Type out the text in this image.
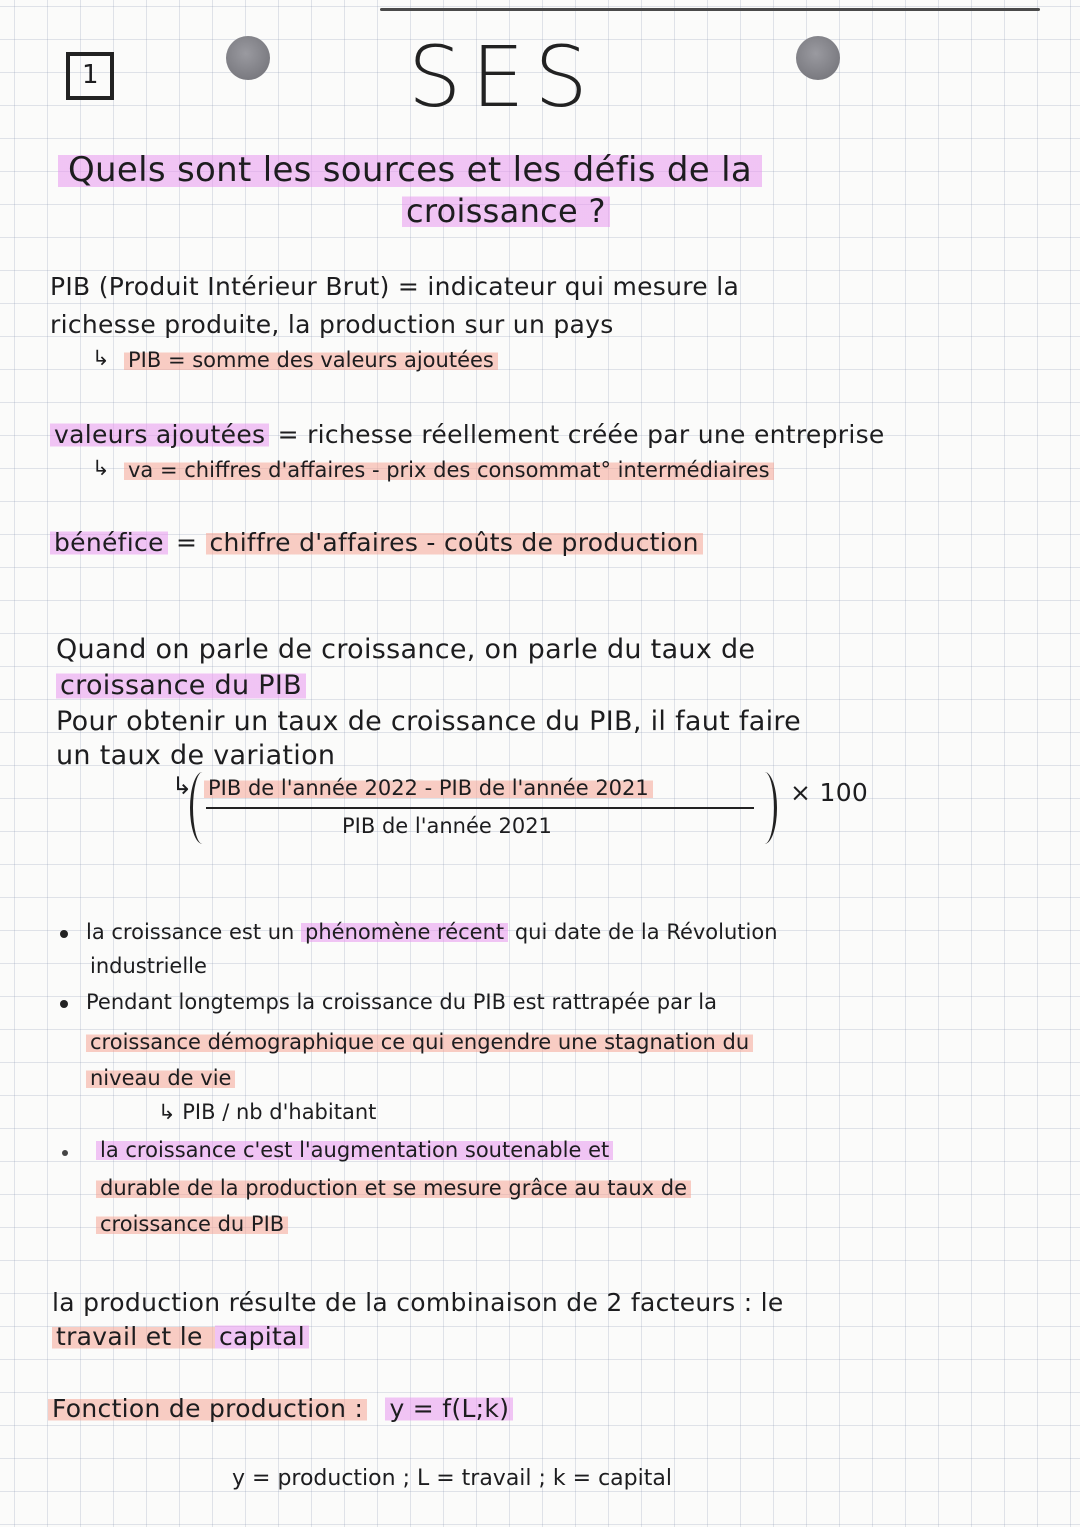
1	SES
Quels sont les sources et les défis de la
croissance ?
PIB (Produit Intérieur Brut) = indicateur qui mesure la
richesse produite, la production sur un pays
↳ PIB = somme des valeurs ajoutées
valeurs ajoutées = richesse réellement créée par une entreprise
↳ va = chiffres d'affaires - prix des consommat° intermédiaires
bénéfice = chiffre d'affaires - coûts de production
Quand on parle de croissance, on parle du taux de
croissance du PIB
Pour obtenir un taux de croissance du PIB, il faut faire
un taux de variation
↳ PIB de l'année 2022 - PIB de l'année 2021
PIB de l'année 2021
× 100
la croissance est un phénomène récent qui date de la Révolution
industrielle
Pendant longtemps la croissance du PIB est rattrapée par la
croissance démographique ce qui engendre une stagnation du
niveau de vie
↳ PIB / nb d'habitant
la croissance c'est l'augmentation soutenable et
durable de la production et se mesure grâce au taux de
croissance du PIB
la production résulte de la combinaison de 2 facteurs : le
travail et le capital
Fonction de production : y = f(L;k)
y = production ; L = travail ; k = capital
